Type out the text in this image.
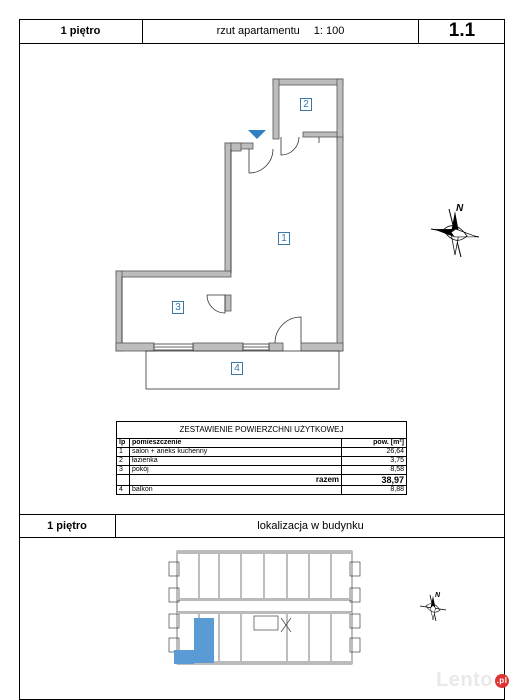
1 piętro	rzut apartamentu 1: 100	1.1
2
1
3
4
N
ZESTAWIENIE POWIERZCHNI UŻYTKOWEJ
lp	pomieszczenie	pow. [m²]
1	salon + aneks kuchenny	26,64
2	łazienka	3,75
3	pokój	8,58
	razem	38,97
4	balkon	8,88
1 piętro	lokalizacja w budynku
N
Lento .pl
